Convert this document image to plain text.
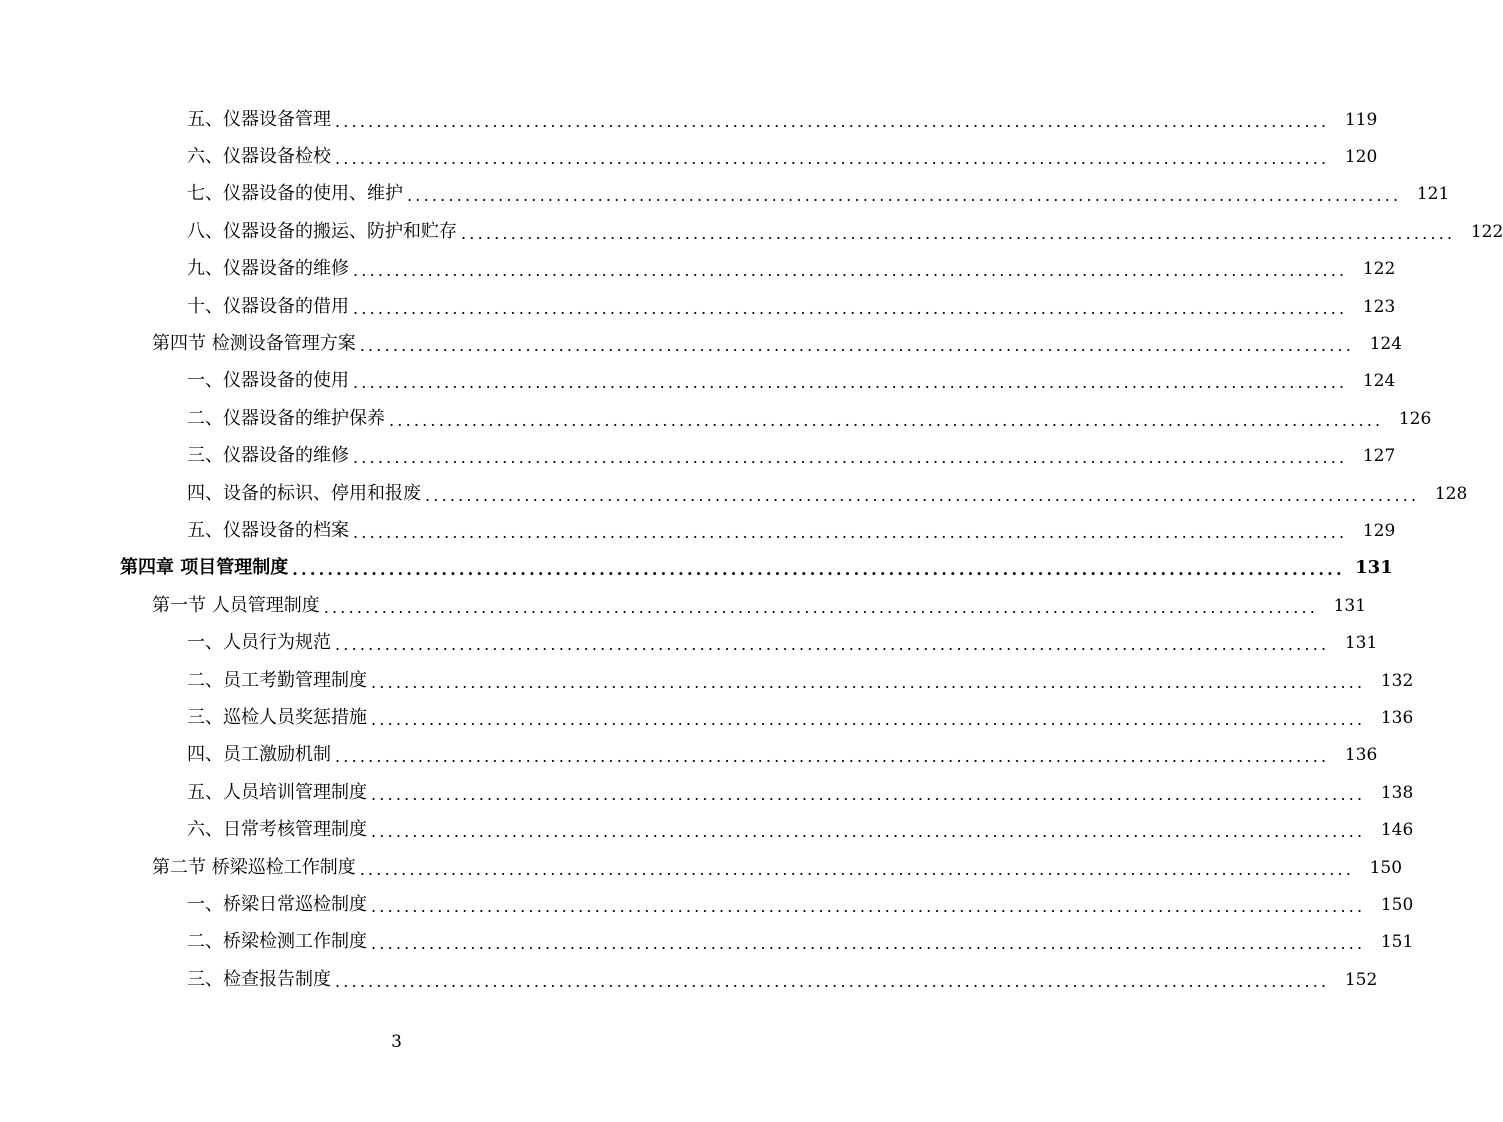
五、仪器设备管理 ........................................................................................................................ 119
六、仪器设备检校 ........................................................................................................................ 120
七、仪器设备的使用、维护 ........................................................................................................................ 121
八、仪器设备的搬运、防护和贮存 ........................................................................................................................ 122
九、仪器设备的维修 ........................................................................................................................ 122
十、仪器设备的借用 ........................................................................................................................ 123
第四节 检测设备管理方案 ........................................................................................................................ 124
一、仪器设备的使用 ........................................................................................................................ 124
二、仪器设备的维护保养 ........................................................................................................................ 126
三、仪器设备的维修 ........................................................................................................................ 127
四、设备的标识、停用和报废 ........................................................................................................................ 128
五、仪器设备的档案 ........................................................................................................................ 129
第四章 项目管理制度 ........................................................................................................................ 131
第一节 人员管理制度 ........................................................................................................................ 131
一、人员行为规范 ........................................................................................................................ 131
二、员工考勤管理制度 ........................................................................................................................ 132
三、巡检人员奖惩措施 ........................................................................................................................ 136
四、员工激励机制 ........................................................................................................................ 136
五、人员培训管理制度 ........................................................................................................................ 138
六、日常考核管理制度 ........................................................................................................................ 146
第二节 桥梁巡检工作制度 ........................................................................................................................ 150
一、桥梁日常巡检制度 ........................................................................................................................ 150
二、桥梁检测工作制度 ........................................................................................................................ 151
三、检查报告制度 ........................................................................................................................ 152
3
